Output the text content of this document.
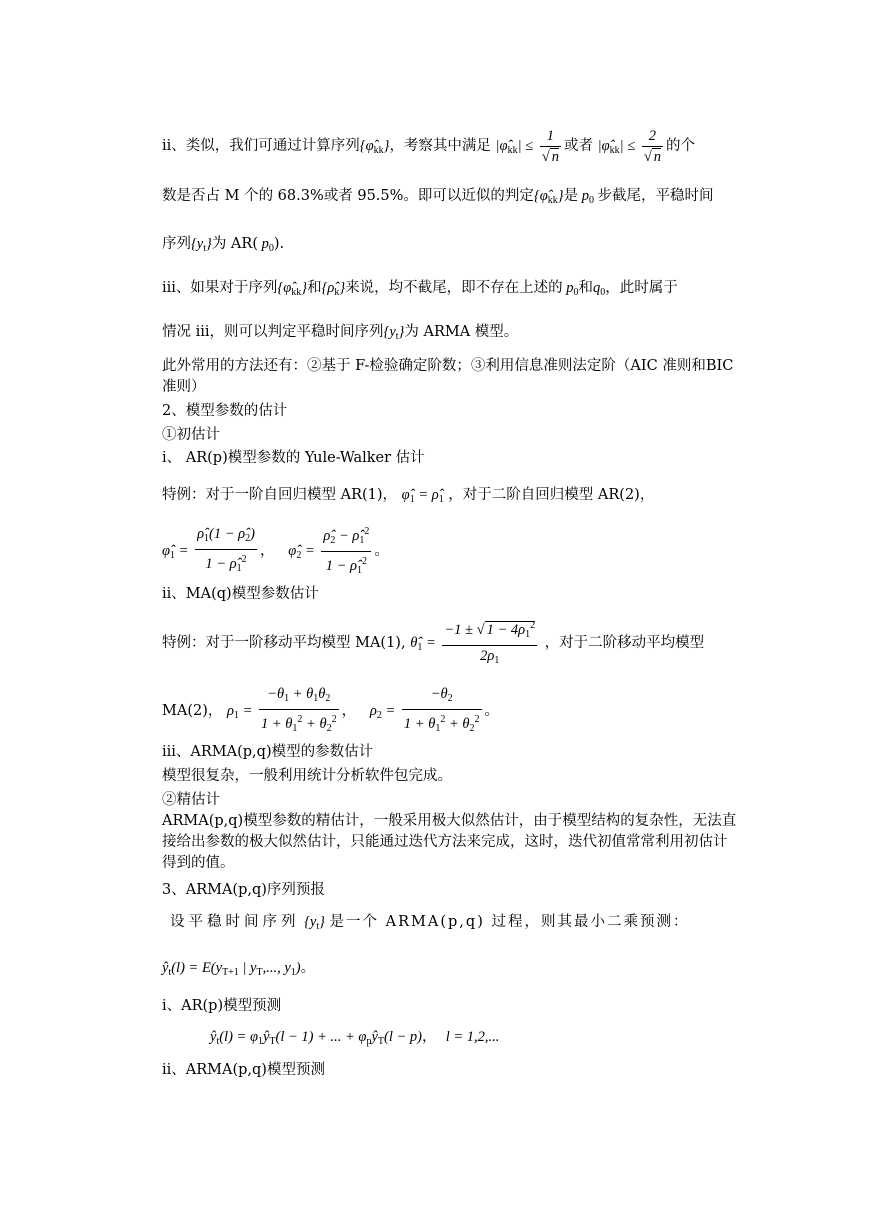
ii、类似，我们可通过计算序列$\{\varphî_{kk}\}$，考察其中满足 $|\varphî_{kk}| \le \frac{1}{√ n}$ 或者 $|\varphî_{kk}| \le \frac{2}{√ n}$ 的个
数是否占 M 个的 68.3%或者 95.5%。即可以近似的判定$\{\varphî_{kk}\}$是 $p_0$ 步截尾，平稳时间
序列$\{y_t\}$为 AR( $p_0$).
iii、如果对于序列$\{\varphî_{kk}\}$和$\{\rhô_k\}$来说，均不截尾，即不存在上述的 $p_0$和$q_0$，此时属于
情况 iii，则可以判定平稳时间序列$\{y_t\}$为 ARMA 模型。
此外常用的方法还有：②基于 F-检验确定阶数；③利用信息准则法定阶（AIC 准则和BIC 准则）
2、模型参数的估计
①初估计
i、 AR(p)模型参数的 Yule-Walker 估计
特例：对于一阶自回归模型 AR(1)， $\varphî_1$ = $\rhô_1$ ，对于二阶自回归模型 AR(2)，
$\varphî_1 = \frac{\rhô_1(1 - \rhô_2)}{1 - \rhô_1^2}$ ， $\varphî_2 = \frac{\rhô_2 - \rhô_1^2}{1 - \rhô_1^2}$ 。
ii、MA(q)模型参数估计
特例：对于一阶移动平均模型 MA(1), $\thetâ_1 = \frac{-1 \pm √ 1 - 4\rho_1^2}{2\rho_1}$ ，对于二阶移动平均模型
MA(2)， $\rho_1 = \frac{-\theta_1 + \theta_1\theta_2}{1 + \theta_1^2 + \theta_2^2}$ ， $\rho_2 = \frac{-\theta_2}{1 + \theta_1^2 + \theta_2^2}$ 。
iii、ARMA(p,q)模型的参数估计
模型很复杂，一般利用统计分析软件包完成。
②精估计
ARMA(p,q)模型参数的精估计，一般采用极大似然估计，由于模型结构的复杂性，无法直接给出参数的极大似然估计，只能通过迭代方法来完成，这时，迭代初值常常利用初估计得到的值。
3、ARMA(p,q)序列预报
设平稳时间序列 $\{y_t\}$ 是一个 ARMA(p,q) 过程，则其最小二乘预测：
$ŷ_t(l) = E(y_{T+1}$ | $y_T$,..., $y_1$)。
i、AR(p)模型预测
$ŷ_t(l)$ = $\varphi_1ŷ_T(l - 1)$ + ... + $\varphi_pŷ_T(l - p)$， l = 1,2,...
ii、ARMA(p,q)模型预测
